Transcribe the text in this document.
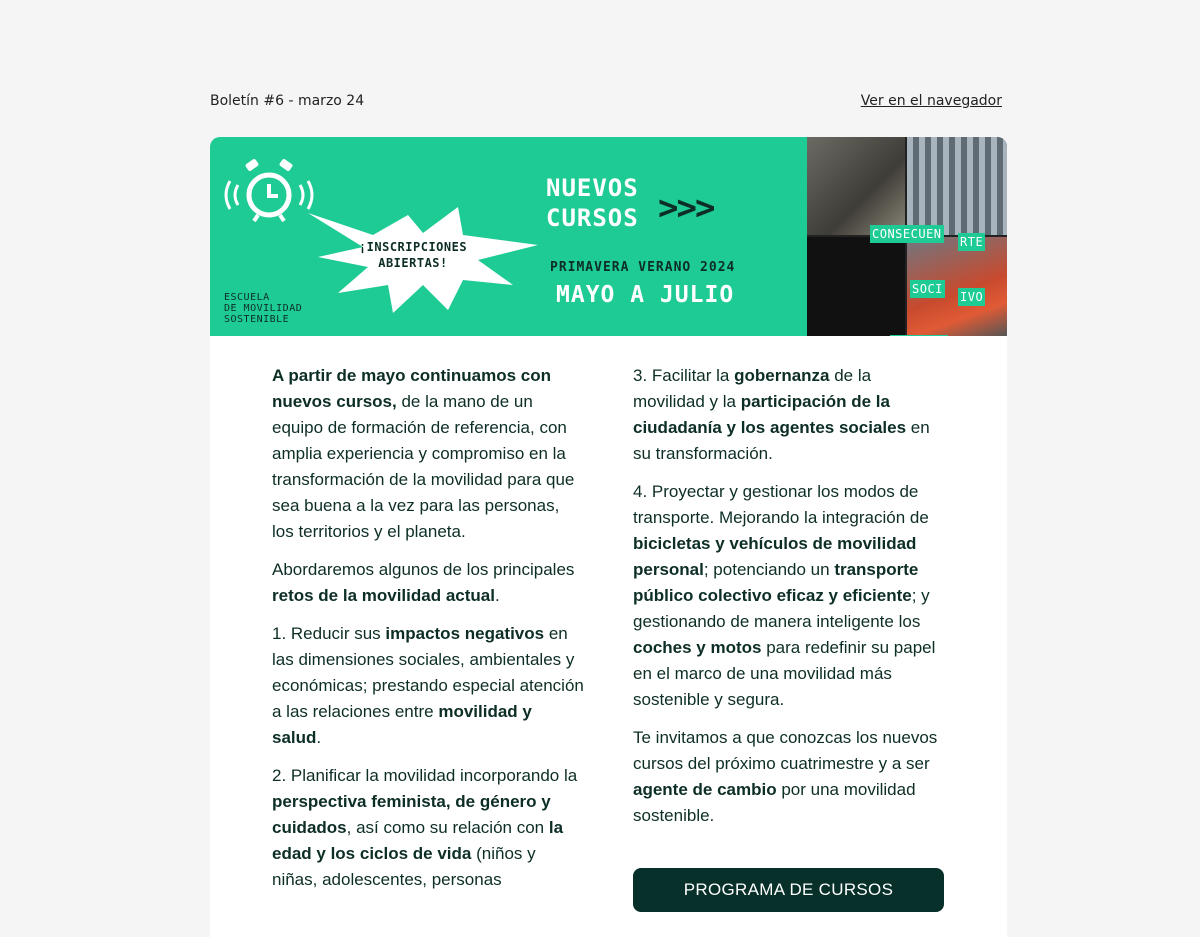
Boletín #6 - marzo 24	Ver en el navegador
¡INSCRIPCIONES
ABIERTAS!
NUEVOS
CURSOS >>>
PRIMAVERA VERANO 2024
MAYO A JULIO
ESCUELA
DE MOVILIDAD
SOSTENIBLE

CONSECUEN

SOCI

RTE

IVO

A partir de mayo continuamos con nuevos cursos, de la mano de un equipo de formación de referencia, con amplia experiencia y compromiso en la transformación de la movilidad para que sea buena a la vez para las personas, los territorios y el planeta.

Abordaremos algunos de los principales retos de la movilidad actual.

1. Reducir sus impactos negativos en las dimensiones sociales, ambientales y económicas; prestando especial atención a las relaciones entre movilidad y salud.

2. Planificar la movilidad incorporando la perspectiva feminista, de género y cuidados, así como su relación con la edad y los ciclos de vida (niños y niñas, adolescentes, personas

3. Facilitar la gobernanza de la movilidad y la participación de la ciudadanía y los agentes sociales en su transformación.

4. Proyectar y gestionar los modos de transporte. Mejorando la integración de bicicletas y vehículos de movilidad personal; potenciando un transporte público colectivo eficaz y eficiente; y gestionando de manera inteligente los coches y motos para redefinir su papel en el marco de una movilidad más sostenible y segura.

Te invitamos a que conozcas los nuevos cursos del próximo cuatrimestre y a ser agente de cambio por una movilidad sostenible.

PROGRAMA DE CURSOS
